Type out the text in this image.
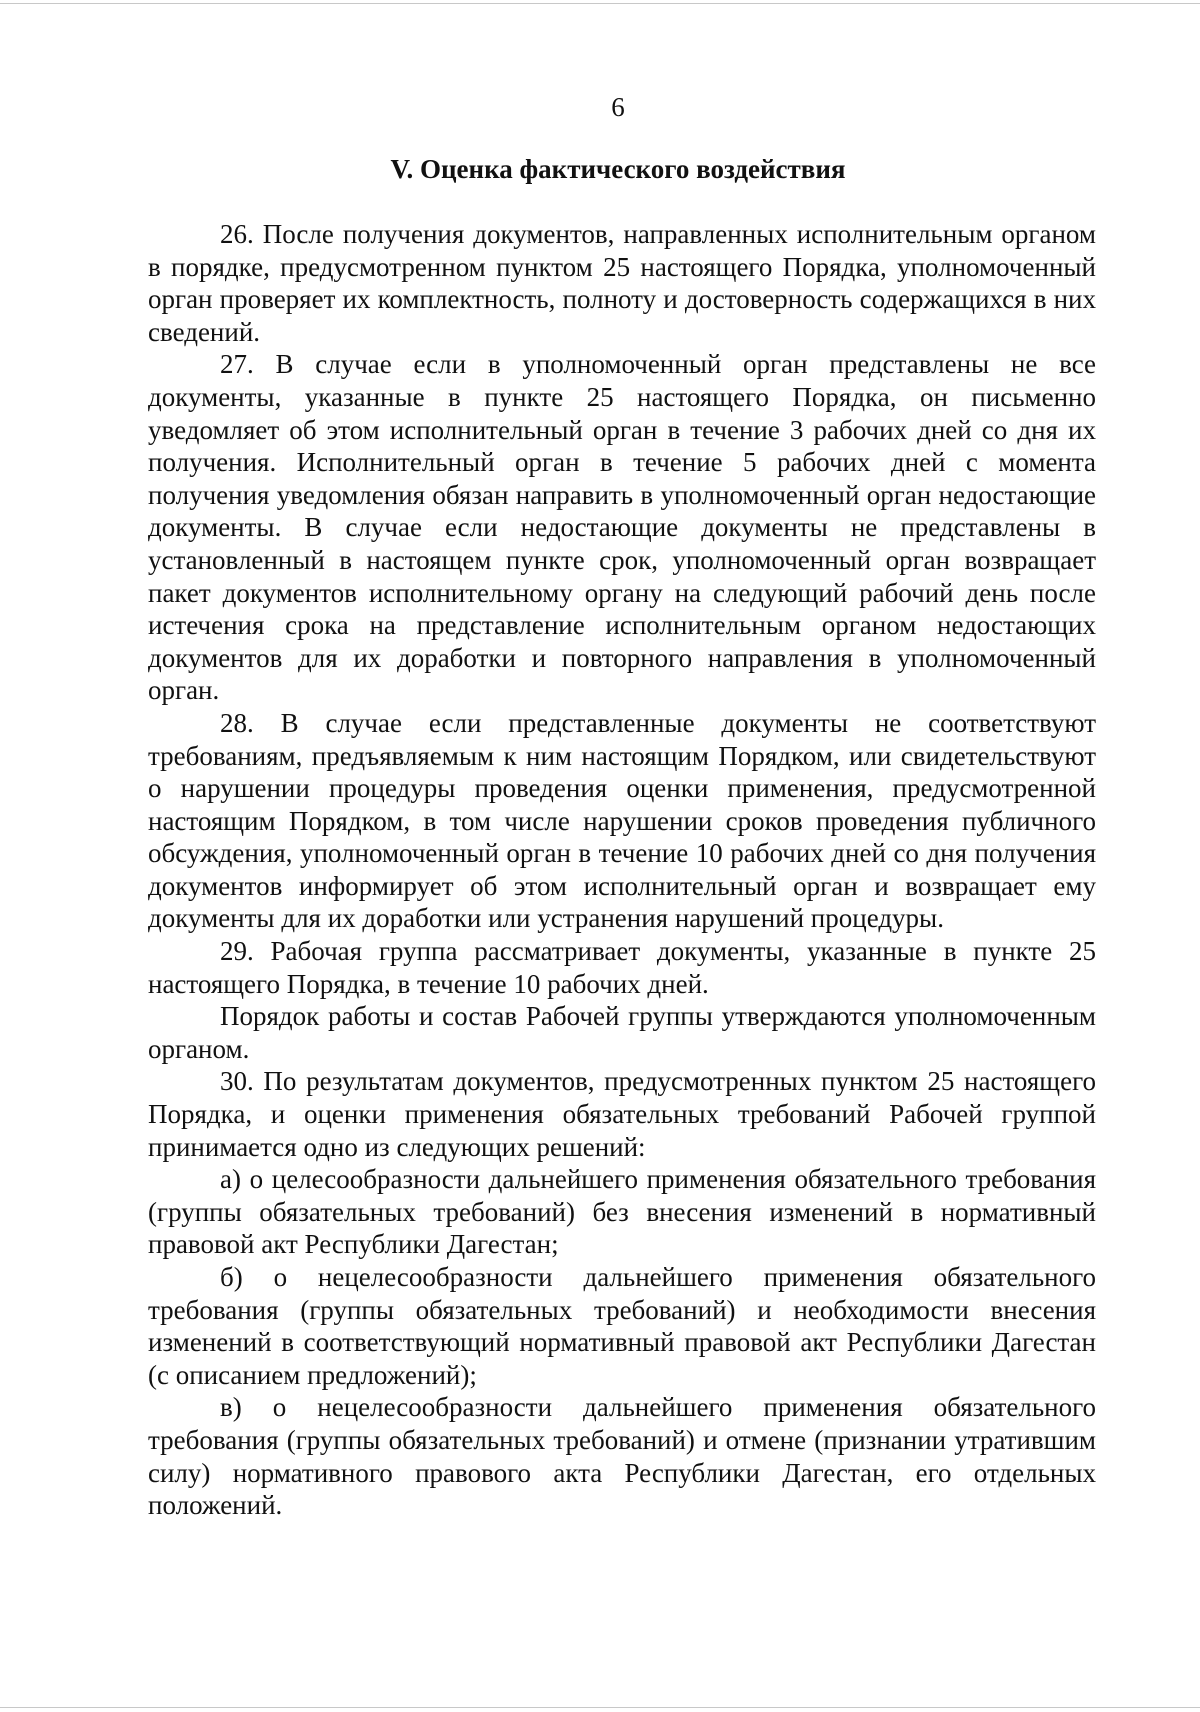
6
V. Оценка фактического воздействия

26. После получения документов, направленных исполнительным органом в порядке, предусмотренном пунктом 25 настоящего Порядка, уполномоченный орган проверяет их комплектность, полноту и достоверность содержащихся в них сведений.

27. В случае если в уполномоченный орган представлены не все документы, указанные в пункте 25 настоящего Порядка, он письменно уведомляет об этом исполнительный орган в течение 3 рабочих дней со дня их получения. Исполнительный орган в течение 5 рабочих дней с момента получения уведомления обязан направить в уполномоченный орган недостающие документы. В случае если недостающие документы не представлены в установленный в настоящем пункте срок, уполномоченный орган возвращает пакет документов исполнительному органу на следующий рабочий день после истечения срока на представление исполнительным органом недостающих документов для их доработки и повторного направления в уполномоченный орган.

28. В случае если представленные документы не соответствуют требованиям, предъявляемым к ним настоящим Порядком, или свидетельствуют о нарушении процедуры проведения оценки применения, предусмотренной настоящим Порядком, в том числе нарушении сроков проведения публичного обсуждения, уполномоченный орган в течение 10 рабочих дней со дня получения документов информирует об этом исполнительный орган и возвращает ему документы для их доработки или устранения нарушений процедуры.

29. Рабочая группа рассматривает документы, указанные в пункте 25 настоящего Порядка, в течение 10 рабочих дней.

Порядок работы и состав Рабочей группы утверждаются уполномоченным органом.

30. По результатам документов, предусмотренных пунктом 25 настоящего Порядка, и оценки применения обязательных требований Рабочей группой принимается одно из следующих решений:

а) о целесообразности дальнейшего применения обязательного требования (группы обязательных требований) без внесения изменений в нормативный правовой акт Республики Дагестан;

б) о нецелесообразности дальнейшего применения обязательного требования (группы обязательных требований) и необходимости внесения изменений в соответствующий нормативный правовой акт Республики Дагестан (с описанием предложений);

в) о нецелесообразности дальнейшего применения обязательного требования (группы обязательных требований) и отмене (признании утратившим силу) нормативного правового акта Республики Дагестан, его отдельных положений.
